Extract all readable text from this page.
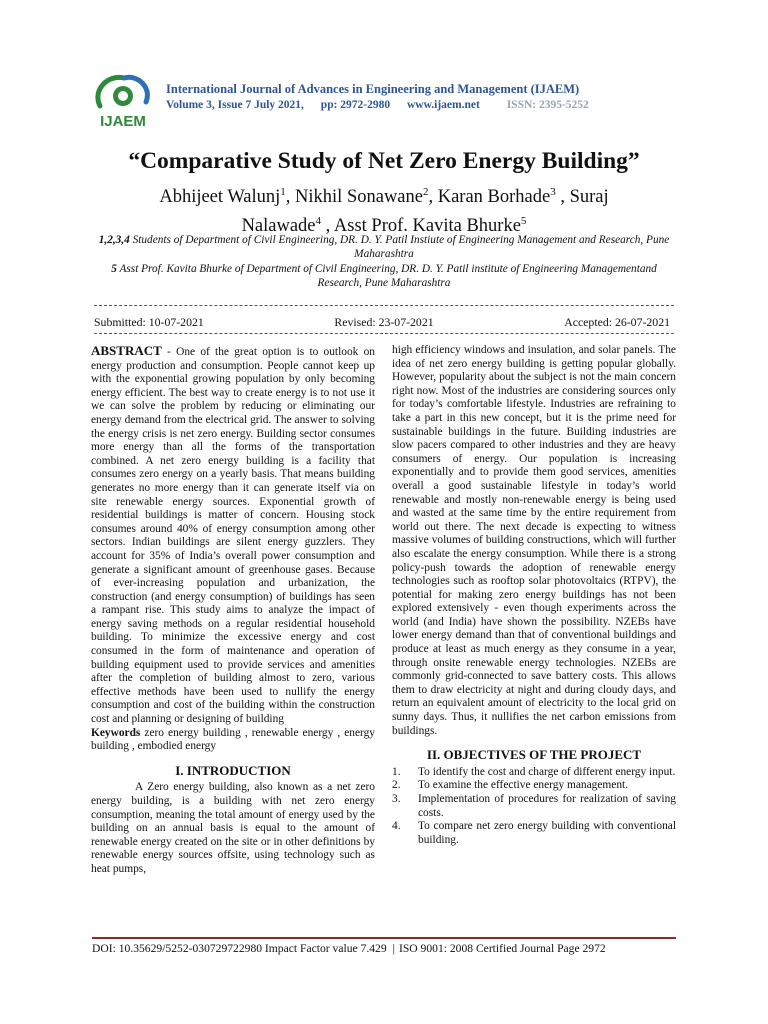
IJAEM
International Journal of Advances in Engineering and Management (IJAEM)
Volume 3, Issue 7 July 2021, pp: 2972-2980 www.ijaem.net ISSN: 2395-5252
“Comparative Study of Net Zero Energy Building”
Abhijeet Walunj$^1$, Nikhil Sonawane$^2$, Karan Borhade$^3$ , Suraj
Nalawade$^4$ , Asst Prof. Kavita Bhurke$^5$
1,2,3,4 Students of Department of Civil Engineering, DR. D. Y. Patil Instiute of Engineering Management and Research, Pune Maharashtra
5 Asst Prof. Kavita Bhurke of Department of Civil Engineering, DR. D. Y. Patil institute of Engineering Managementand Research, Pune Maharashtra
Submitted: 10-07-2021	Revised: 23-07-2021	Accepted: 26-07-2021

ABSTRACT - One of the great option is to outlook on energy production and consumption. People cannot keep up with the exponential growing population by only becoming energy efficient. The best way to create energy is to not use it we can solve the problem by reducing or eliminating our energy demand from the electrical grid. The answer to solving the energy crisis is net zero energy. Building sector consumes more energy than all the forms of the transportation combined. A net zero energy building is a facility that consumes zero energy on a yearly basis. That means building generates no more energy than it can generate itself via on site renewable energy sources. Exponential growth of residential buildings is matter of concern. Housing stock consumes around 40% of energy consumption among other sectors. Indian buildings are silent energy guzzlers. They account for 35% of India’s overall power consumption and generate a significant amount of greenhouse gases. Because of ever-increasing population and urbanization, the construction (and energy consumption) of buildings has seen a rampant rise. This study aims to analyze the impact of energy saving methods on a regular residential household building. To minimize the excessive energy and cost consumed in the form of maintenance and operation of building equipment used to provide services and amenities after the completion of building almost to zero, various effective methods have been used to nullify the energy consumption and cost of the building within the construction cost and planning or designing of building

Keywords zero energy building , renewable energy , energy building , embodied energy

I. INTRODUCTION

A Zero energy building, also known as a net zero energy building, is a building with net zero energy consumption, meaning the total amount of energy used by the building on an annual basis is equal to the amount of renewable energy created on the site or in other definitions by renewable energy sources offsite, using technology such as heat pumps,

high efficiency windows and insulation, and solar panels. The idea of net zero energy building is getting popular globally. However, popularity about the subject is not the main concern right now. Most of the industries are considering sources only for today’s comfortable lifestyle. Industries are refraining to take a part in this new concept, but it is the prime need for sustainable buildings in the future. Building industries are slow pacers compared to other industries and they are heavy consumers of energy. Our population is increasing exponentially and to provide them good services, amenities overall a good sustainable lifestyle in today’s world renewable and mostly non-renewable energy is being used and wasted at the same time by the entire requirement from world out there. The next decade is expecting to witness massive volumes of building constructions, which will further also escalate the energy consumption. While there is a strong policy-push towards the adoption of renewable energy technologies such as rooftop solar photovoltaics (RTPV), the potential for making zero energy buildings has not been explored extensively - even though experiments across the world (and India) have shown the possibility. NZEBs have lower energy demand than that of conventional buildings and produce at least as much energy as they consume in a year, through onsite renewable energy technologies. NZEBs are commonly grid-connected to save battery costs. This allows them to draw electricity at night and during cloudy days, and return an equivalent amount of electricity to the local grid on sunny days. Thus, it nullifies the net carbon emissions from buildings.

II. OBJECTIVES OF THE PROJECT

1.	To identify the cost and charge of different energy input.
2.	To examine the effective energy management.
3.	Implementation of procedures for realization of saving costs.
4.	To compare net zero energy building with conventional building.
DOI: 10.35629/5252-030729722980 Impact Factor value 7.429 | ISO 9001: 2008 Certified Journal Page 2972
